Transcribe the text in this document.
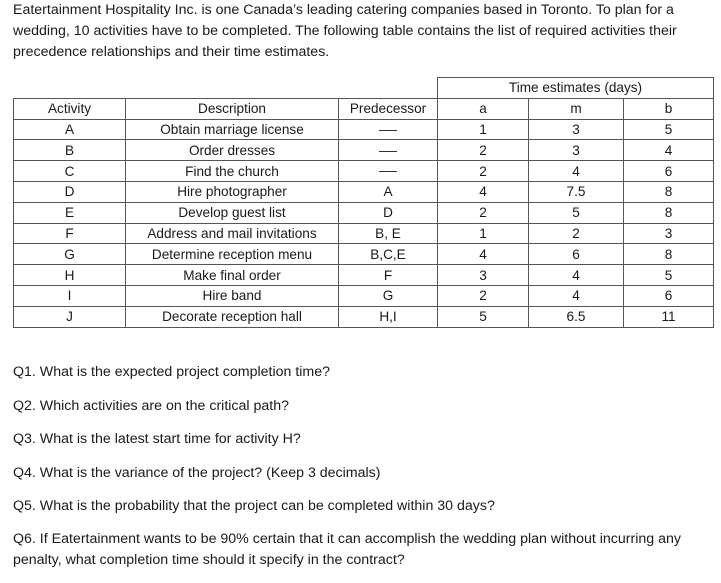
Eatertainment Hospitality Inc. is one Canada’s leading catering companies based in Toronto. To plan for a wedding, 10 activities have to be completed. The following table contains the list of required activities their precedence relationships and their time estimates.

			Time estimates (days)		
Activity	Description	Predecessor	a	m	b
A	Obtain marriage license		1	3	5
B	Order dresses		2	3	4
C	Find the church		2	4	6
D	Hire photographer	A	4	7.5	8
E	Develop guest list	D	2	5	8
F	Address and mail invitations	B, E	1	2	3
G	Determine reception menu	B,C,E	4	6	8
H	Make final order	F	3	4	5
I	Hire band	G	2	4	6
J	Decorate reception hall	H,I	5	6.5	11

Q1. What is the expected project completion time?

Q2. Which activities are on the critical path?

Q3. What is the latest start time for activity H?

Q4. What is the variance of the project? (Keep 3 decimals)

Q5. What is the probability that the project can be completed within 30 days?

Q6. If Eatertainment wants to be 90% certain that it can accomplish the wedding plan without incurring any penalty, what completion time should it specify in the contract?
